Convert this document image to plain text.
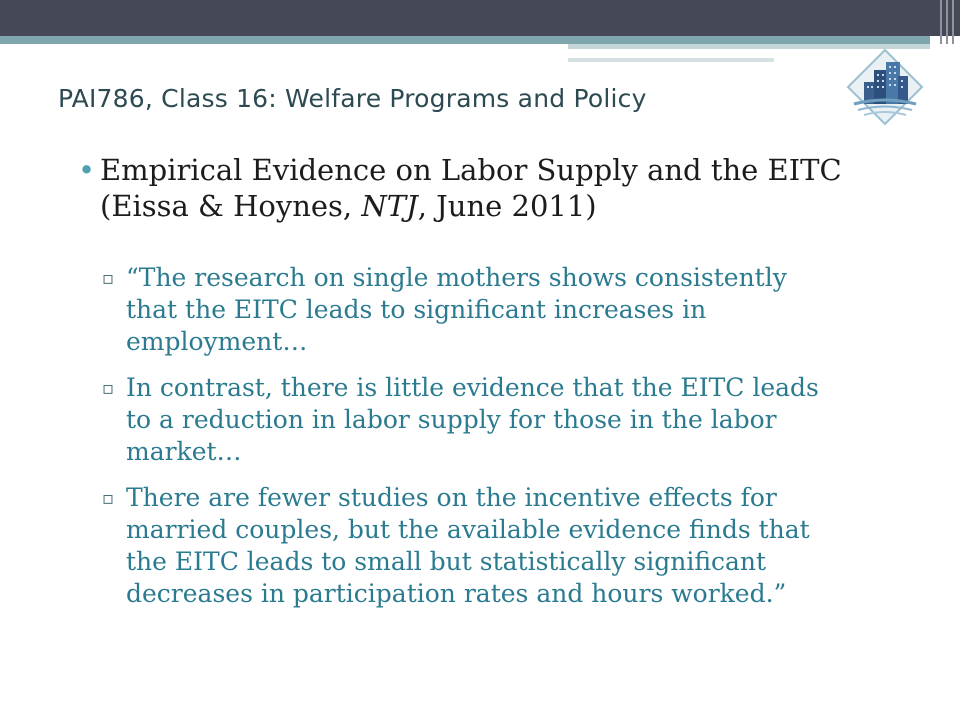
PAI786, Class 16: Welfare Programs and Policy
• Empirical Evidence on Labor Supply and the EITC
(Eissa & Hoynes, NTJ, June 2011)
▫ “The research on single mothers shows consistently
that the EITC leads to significant increases in
employment…
▫ In contrast, there is little evidence that the EITC leads
to a reduction in labor supply for those in the labor
market…
▫ There are fewer studies on the incentive effects for
married couples, but the available evidence finds that
the EITC leads to small but statistically significant
decreases in participation rates and hours worked.”
